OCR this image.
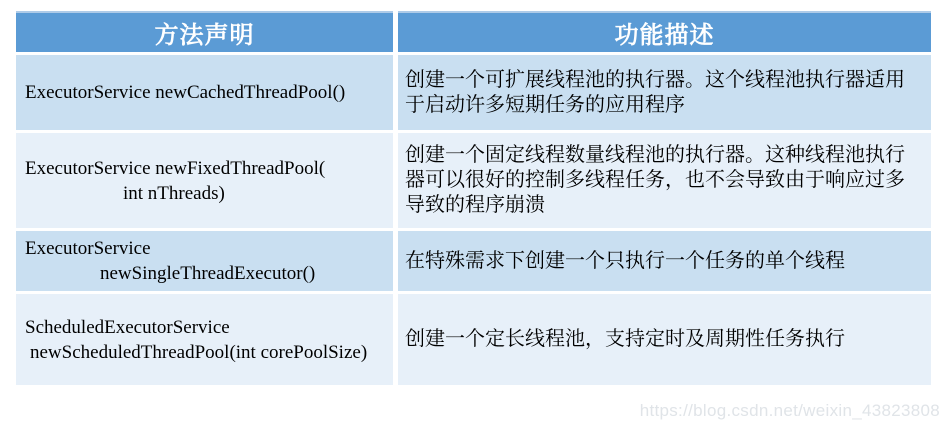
方法声明	功能描述
ExecutorService newCachedThreadPool()
创建一个可扩展线程池的执行器。这个线程池执行器适用于启动许多短期任务的应用程序
ExecutorService newFixedThreadPool(
int nThreads)
创建一个固定线程数量线程池的执行器。这种线程池执行器可以很好的控制多线程任务，也不会导致由于响应过多导致的程序崩溃
ExecutorService
newSingleThreadExecutor()
在特殊需求下创建一个只执行一个任务的单个线程
ScheduledExecutorService
newScheduledThreadPool(int corePoolSize)
创建一个定长线程池，支持定时及周期性任务执行
https://blog.csdn.net/weixin_43823808
